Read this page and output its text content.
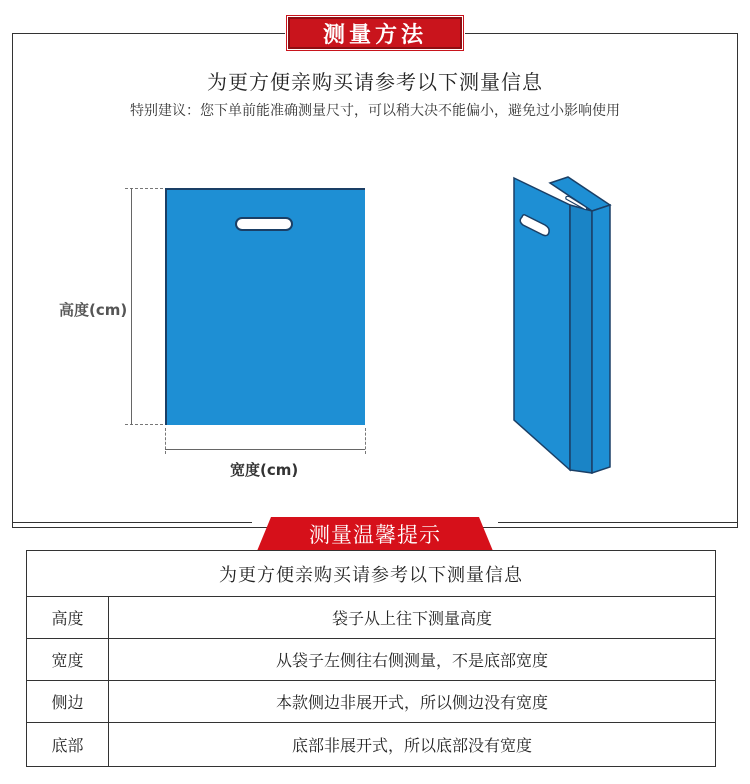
测量方法
为更方便亲购买请参考以下测量信息
特别建议：您下单前能准确测量尺寸，可以稍大决不能偏小，避免过小影响使用
高度(cm)
宽度(cm)
测量温馨提示
为更方便亲购买请参考以下测量信息
高度	袋子从上往下测量高度
宽度	从袋子左侧往右侧测量，不是底部宽度
侧边	本款侧边非展开式，所以侧边没有宽度
底部	底部非展开式，所以底部没有宽度
